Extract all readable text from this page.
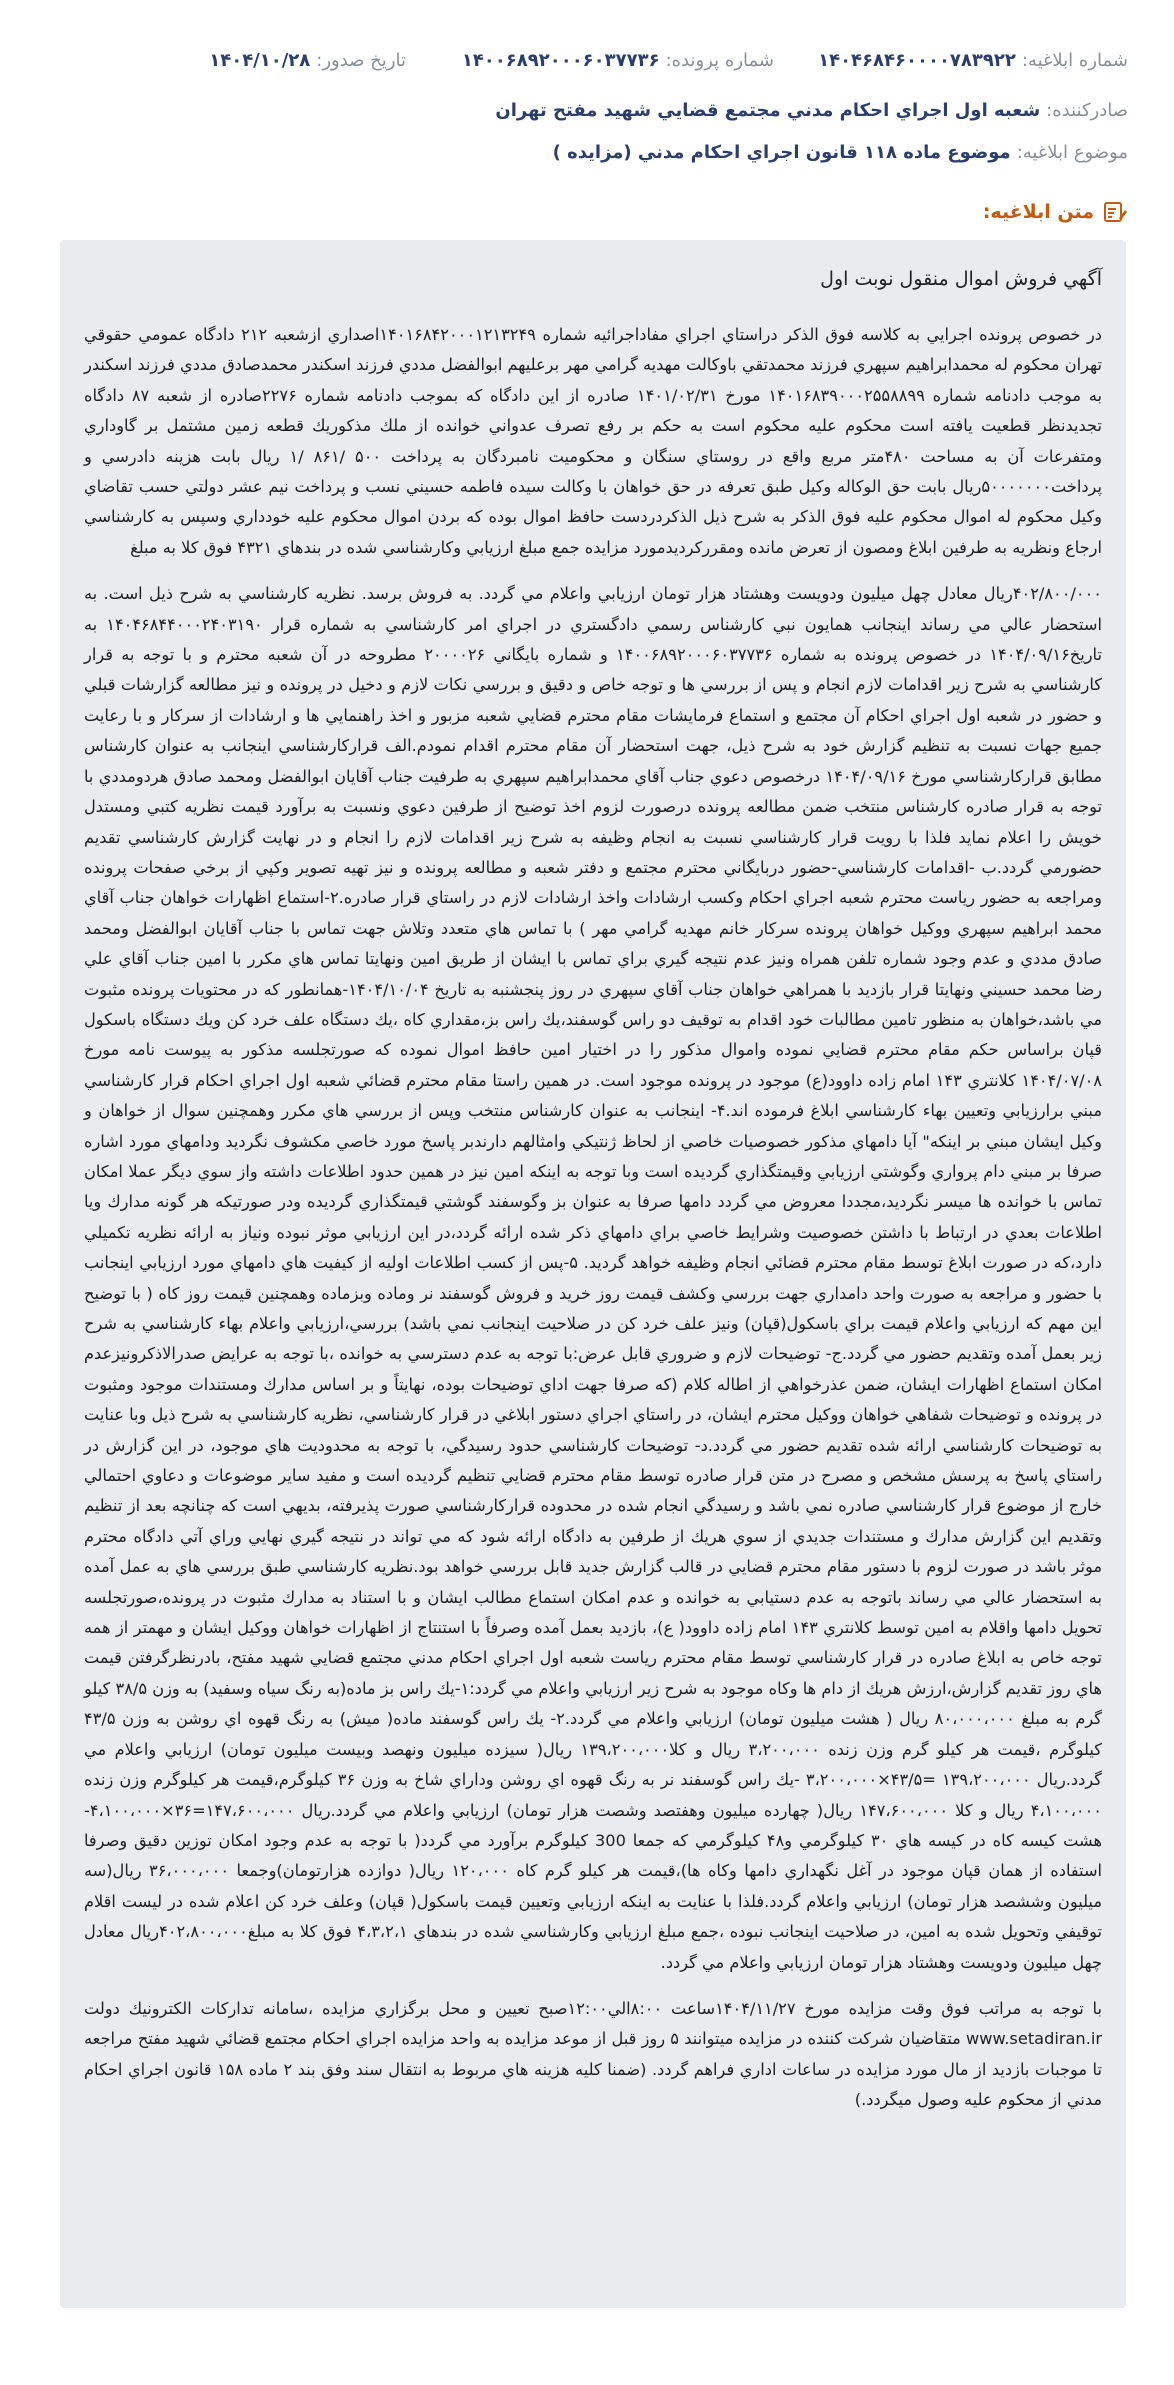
شماره ابلاغیه:۱۴۰۴۶۸۴۶۰۰۰۰۷۸۳۹۲۲
شماره پرونده:۱۴۰۰۶۸۹۲۰۰۰۶۰۳۷۷۳۶
تاریخ صدور:۱۴۰۴/۱۰/۲۸
صادرکننده:شعبه اول اجراي احكام مدني مجتمع قضايي شهيد مفتح تهران
موضوع ابلاغیه:موضوع ماده ۱۱۸ قانون اجراي احكام مدني (مزايده )
متن ابلاغیه:
آگهي فروش اموال منقول نوبت اول

در خصوص پرونده اجرايي به كلاسه فوق الذكر دراستاي اجراي مفاداجرائيه شماره ۱۴۰۱۶۸۴۲۰۰۰۱۲۱۳۲۴۹اصداري ازشعبه ۲۱۲ دادگاه عمومي حقوقي تهران محكوم له محمدابراهيم سپهري فرزند محمدتقي باوكالت مهديه گرامي مهر برعليهم ابوالفضل مددي فرزند اسكندر محمدصادق مددي فرزند اسكندر به موجب دادنامه شماره ۱۴۰۱۶۸۳۹۰۰۰۲۵۵۸۸۹۹ مورخ ۱۴۰۱/۰۲/۳۱ صادره از اين دادگاه كه بموجب دادنامه شماره ۲۲۷۶صادره از شعبه ۸۷ دادگاه تجديدنظر قطعيت يافته است محكوم عليه محكوم است به حكم بر رفع تصرف عدواني خوانده از ملك مذكوريك قطعه زمين مشتمل بر گاوداري ومتفرعات آن به مساحت ۴۸۰متر مربع واقع در روستاي سنگان و محكوميت نامبردگان به پرداخت ۵۰۰ /۸۶۱ /۱ ريال بابت هزينه دادرسي و پرداخت۵۰۰۰۰۰۰۰ريال بابت حق الوكاله وكيل طبق تعرفه در حق خواهان با وكالت سيده فاطمه حسيني نسب و پرداخت نيم عشر دولتي حسب تقاضاي وكيل محكوم له اموال محكوم عليه فوق الذكر به شرح ذيل الذكردردست حافظ اموال بوده كه بردن اموال محكوم عليه خودداري وسپس به كارشناسي ارجاع ونظريه به طرفين ابلاغ ومصون از تعرض مانده ومقرركرديدمورد مزايده جمع مبلغ ارزيابي وكارشناسي شده در بندهاي ۴۳۲۱ فوق كلا به مبلغ

۴۰۲/۸۰۰/۰۰۰ريال معادل چهل ميليون ودويست وهشتاد هزار تومان ارزيابي واعلام مي گردد. به فروش برسد. نظريه كارشناسي به شرح ذيل است. به استحضار عالي مي رساند اينجانب همايون نبي كارشناس رسمي دادگستري در اجراي امر كارشناسي به شماره قرار ۱۴۰۴۶۸۴۴۰۰۰۲۴۰۳۱۹۰ به تاريخ۱۴۰۴/۰۹/۱۶ در خصوص پرونده به شماره ۱۴۰۰۶۸۹۲۰۰۰۶۰۳۷۷۳۶ و شماره بايگاني ۲۰۰۰۰۲۶ مطروحه در آن شعبه محترم و با توجه به قرار كارشناسي به شرح زير اقدامات لازم انجام و پس از بررسي ها و توجه خاص و دقيق و بررسي نكات لازم و دخيل در پرونده و نيز مطالعه گزارشات قبلي و حضور در شعبه اول اجراي احكام آن مجتمع و استماع فرمايشات مقام محترم قضايي شعبه مزبور و اخذ راهنمايي ها و ارشادات از سركار و با رعايت جميع جهات نسبت به تنظيم گزارش خود به شرح ذيل، جهت استحضار آن مقام محترم اقدام نمودم.الف قراركارشناسي اينجانب به عنوان كارشناس مطابق قراركارشناسي مورخ ۱۴۰۴/۰۹/۱۶ درخصوص دعوي جناب آقاي محمدابراهيم سپهري به طرفيت جناب آقايان ابوالفضل ومحمد صادق هردومددي با توجه به قرار صادره كارشناس منتخب ضمن مطالعه پرونده درصورت لزوم اخذ توضيح از طرفين دعوي ونسبت به برآورد قيمت نظريه كتبي ومستدل خويش را اعلام نمايد فلذا با رويت قرار كارشناسي نسبت به انجام وظيفه به شرح زير اقدامات لازم را انجام و در نهايت گزارش كارشناسي تقديم حضورمي گردد.ب -اقدامات كارشناسي-حضور دربايگاني محترم مجتمع و دفتر شعبه و مطالعه پرونده و نيز تهيه تصوير وكپي از برخي صفحات پرونده ومراجعه به حضور رياست محترم شعبه اجراي احكام وكسب ارشادات واخذ ارشادات لازم در راستاي قرار صادره.۲-استماع اظهارات خواهان جناب آقاي محمد ابراهيم سپهري ووكيل خواهان پرونده سركار خانم مهديه گرامي مهر ) با تماس هاي متعدد وتلاش جهت تماس با جناب آقايان ابوالفضل ومحمد صادق مددي و عدم وجود شماره تلفن همراه ونيز عدم نتيجه گيري براي تماس با ايشان از طريق امين ونهايتا تماس هاي مكرر با امين جناب آقاي علي رضا محمد حسيني ونهايتا قرار بازديد با همراهي خواهان جناب آقاي سپهري در روز پنجشنبه به تاريخ ۱۴۰۴/۱۰/۰۴-همانطور كه در محتويات پرونده مثبوت مي باشد،خواهان به منظور تامين مطالبات خود اقدام به توقيف دو راس گوسفند،يك راس بز،مقداري كاه ،يك دستگاه علف خرد كن ويك دستگاه باسكول قپان براساس حكم مقام محترم قضايي نموده واموال مذكور را در اختيار امين حافظ اموال نموده كه صورتجلسه مذكور به پيوست نامه مورخ ۱۴۰۴/۰۷/۰۸ كلانتري ۱۴۳ امام زاده داوود(ع) موجود در پرونده موجود است. در همين راستا مقام محترم قضائي شعبه اول اجراي احكام قرار كارشناسي مبني برارزيابي وتعيين بهاء كارشناسي ابلاغ فرموده اند.۴- اينجانب به عنوان كارشناس منتخب وپس از بررسي هاي مكرر وهمچنين سوال از خواهان و وكيل ايشان مبني بر اينكه" آيا دامهاي مذكور خصوصيات خاصي از لحاظ ژنتيكي وامثالهم دارندبر پاسخ مورد خاصي مكشوف نگرديد ودامهاي مورد اشاره صرفا بر مبني دام پرواري وگوشتي ارزيابي وقيمتگذاري گرديده است وبا توجه به اينكه امين نيز در همين حدود اطلاعات داشته واز سوي ديگر عملا امكان تماس با خوانده ها ميسر نگرديد،مجددا معروض مي گردد دامها صرفا به عنوان بز وگوسفند گوشتي قيمتگذاري گرديده ودر صورتيكه هر گونه مدارك ويا اطلاعات بعدي در ارتباط با داشتن خصوصيت وشرايط خاصي براي دامهاي ذكر شده ارائه گردد،در اين ارزيابي موثر نبوده ونياز به ارائه نظريه تكميلي دارد،كه در صورت ابلاغ توسط مقام محترم قضائي انجام وظيفه خواهد گرديد. ۵-پس از كسب اطلاعات اوليه از كيفيت هاي دامهاي مورد ارزيابي اينجانب با حضور و مراجعه به صورت واحد دامداري جهت بررسي وكشف قيمت روز خريد و فروش گوسفند نر وماده وبزماده وهمچنين قيمت روز كاه ( با توضيح اين مهم كه ارزيابي واعلام قيمت براي باسكول(قپان) ونيز علف خرد كن در صلاحيت اينجانب نمي باشد) بررسي،ارزيابي واعلام بهاء كارشناسي به شرح زير بعمل آمده وتقديم حضور مي گردد.ج- توضيحات لازم و ضروري قابل عرض:با توجه به عدم دسترسي به خوانده ،با توجه به عرايض صدرالاذكرونيزعدم امكان استماع اظهارات ايشان، ضمن عذرخواهي از اطاله كلام (كه صرفا جهت اداي توضيحات بوده، نهايتاً و بر اساس مدارك ومستندات موجود ومثبوت در پرونده و توضيحات شفاهي خواهان ووكيل محترم ايشان، در راستاي اجراي دستور ابلاغي در قرار كارشناسي، نظريه كارشناسي به شرح ذيل وبا عنايت به توضيحات كارشناسي ارائه شده تقديم حضور مي گردد.د- توضيحات كارشناسي حدود رسيدگي، با توجه به محدوديت هاي موجود، در اين گزارش در راستاي پاسخ به پرسش مشخص و مصرح در متن قرار صادره توسط مقام محترم قضايي تنظيم گرديده است و مفيد ساير موضوعات و دعاوي احتمالي خارج از موضوع قرار كارشناسي صادره نمي باشد و رسيدگي انجام شده در محدوده قراركارشناسي صورت پذيرفته، بديهي است كه چنانچه بعد از تنظيم وتقديم اين گزارش مدارك و مستندات جديدي از سوي هريك از طرفين به دادگاه ارائه شود كه مي تواند در نتيجه گيري نهايي وراي آتي دادگاه محترم موثر باشد در صورت لزوم با دستور مقام محترم قضايي در قالب گزارش جديد قابل بررسي خواهد بود.نظريه كارشناسي طبق بررسي هاي به عمل آمده به استحضار عالي مي رساند باتوجه به عدم دستيابي به خوانده و عدم امكان استماع مطالب ايشان و با استناد به مدارك مثبوت در پرونده،صورتجلسه تحويل دامها واقلام به امين توسط كلانتري ۱۴۳ امام زاده داوود( ع)، بازديد بعمل آمده وصرفاً با استنتاج از اظهارات خواهان ووكيل ايشان و مهمتر از همه توجه خاص به ابلاغ صادره در قرار كارشناسي توسط مقام محترم رياست شعبه اول اجراي احكام مدني مجتمع قضايي شهيد مفتح، بادرنظرگرفتن قيمت هاي روز تقديم گزارش،ارزش هريك از دام ها وكاه موجود به شرح زير ارزيابي واعلام مي گردد:۱-يك راس بز ماده(به رنگ سياه وسفيد) به وزن ۳۸/۵ كيلو گرم به مبلغ ۸۰،۰۰۰،۰۰۰ ريال ( هشت ميليون تومان) ارزيابي واعلام مي گردد.۲- يك راس گوسفند ماده( ميش) به رنگ قهوه اي روشن به وزن ۴۳/۵ كيلوگرم ،قيمت هر كيلو گرم وزن زنده ۳،۲۰۰،۰۰۰ ريال و كلا۱۳۹،۲۰۰،۰۰۰ ريال( سيزده ميليون ونهصد وبيست ميليون تومان) ارزيابي واعلام مي گردد.ريال ۱۳۹،۲۰۰،۰۰۰ =۴۳/۵×۳،۲۰۰،۰۰۰ -يك راس گوسفند نر به رنگ قهوه اي روشن وداراي شاخ به وزن ۳۶ كيلوگرم،قيمت هر كيلوگرم وزن زنده ۴،۱۰۰،۰۰۰ ريال و كلا ۱۴۷،۶۰۰،۰۰۰ ريال( چهارده ميليون وهفتصد وشصت هزار تومان) ارزيابي واعلام مي گردد.ريال ۱۴۷،۶۰۰،۰۰۰=۳۶×۴،۱۰۰،۰۰۰- هشت كيسه كاه در كيسه هاي ۳۰ كيلوگرمي و۴۸ كيلوگرمي كه جمعا 300 كيلوگرم برآورد مي گردد( با توجه به عدم وجود امكان توزين دقيق وصرفا استفاده از همان قپان موجود در آغل نگهداري دامها وكاه ها)،قيمت هر كيلو گرم كاه ۱۲۰،۰۰۰ ريال( دوازده هزارتومان)وجمعا ۳۶،۰۰۰،۰۰۰ ريال(سه ميليون وششصد هزار تومان) ارزيابي واعلام گردد.فلذا با عنايت به اينكه ارزيابي وتعيين قيمت باسكول( قپان) وعلف خرد كن اعلام شده در ليست اقلام توقيفي وتحويل شده به امين، در صلاحيت اينجانب نبوده ،جمع مبلغ ارزيابي وكارشناسي شده در بندهاي ۴،۳،۲،۱ فوق كلا به مبلغ۴۰۲،۸۰۰،۰۰۰ريال معادل چهل ميليون ودويست وهشتاد هزار تومان ارزيابي واعلام مي گردد.

با توجه به مراتب فوق وقت مزايده مورخ ۱۴۰۴/۱۱/۲۷ساعت ۸:۰۰الي۱۲:۰۰صبح تعيين و محل برگزاري مزايده ،سامانه تداركات الكترونيك دولت www.setadiran.ir متقاضيان شركت كننده در مزايده ميتوانند ۵ روز قبل از موعد مزايده به واحد مزايده اجراي احكام مجتمع قضائي شهيد مفتح مراجعه تا موجبات بازديد از مال مورد مزايده در ساعات اداري فراهم گردد. (ضمنا كليه هزينه هاي مربوط به انتقال سند وفق بند ۲ ماده ۱۵۸ قانون اجراي احكام مدني از محكوم عليه وصول ميگردد.)
